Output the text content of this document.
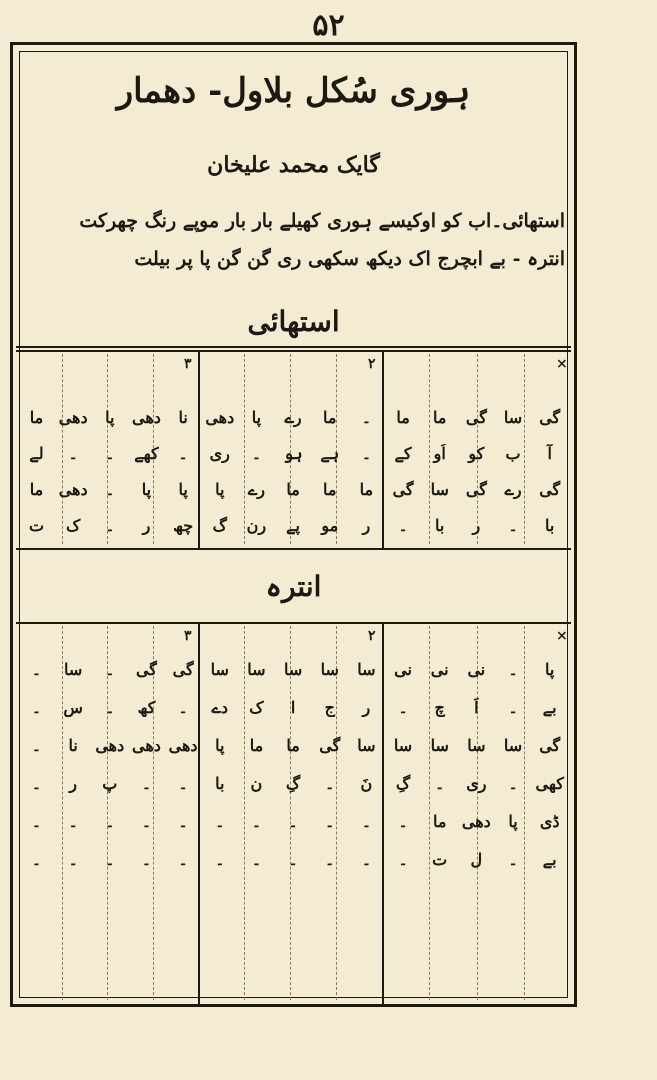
۵۲
ہوری سُکل بلاول- دھمار
گایک محمد علیخان
استھائی۔اب کو اوکیسے ہوری کھیلے بار بار موپے رنگ چھرکت
انترہ - بے ابچرج اک دیکھ سکھی ری گن گن پا پر بیلت
استھائی
انترہ
×
۲
۳
گی
سا
گی
ما
ما
۔
ما
رے
پا
دھی
نا
دھی
پا
دھی
ما
آ
ب
کو
اُو
کے
۔
ہے
ہو
۔
ری
۔
کھے
۔
۔
لے
گی
رے
گی
سا
گی
ما
ما
ما
رے
پا
پا
پا
۔
دھی
ما
با
۔
ر
با
۔
ر
مو
پے
رن
گ
چھ
ر
۔
ک
ت
×
۲
۳
پا
۔
نی
نی
نی
سا
سا
سا
سا
سا
گی
گی
۔
سا
۔
بے
۔
اَ
چ
۔
ر
ج
ا
ک
دے
۔
کھ
۔
س
۔
گی
سا
سا
سا
سا
سا
گی
ما
ما
پا
دھی
دھی
دھی
نا
۔
کھی
۔
ری
۔
گِ
نَ
۔
گِ
ن
با
۔
۔
پ
ر
۔
ڈی
پا
دھی
ما
۔
۔
۔
۔
۔
۔
۔
۔
۔
۔
۔
بے
۔
ل
ت
۔
۔
۔
۔
۔
۔
۔
۔
۔
۔
۔
